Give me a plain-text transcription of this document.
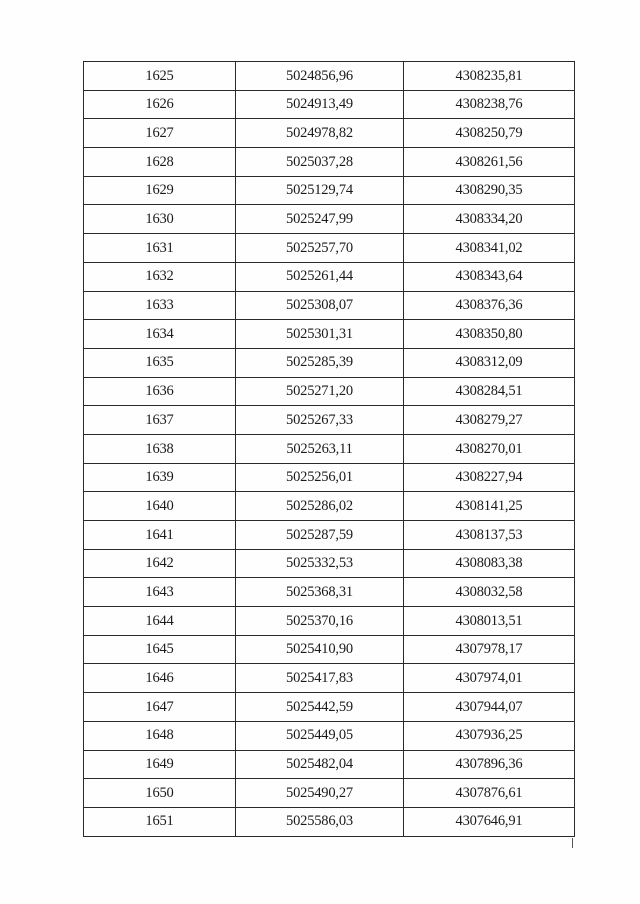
1625	5024856,96	4308235,81
1626	5024913,49	4308238,76
1627	5024978,82	4308250,79
1628	5025037,28	4308261,56
1629	5025129,74	4308290,35
1630	5025247,99	4308334,20
1631	5025257,70	4308341,02
1632	5025261,44	4308343,64
1633	5025308,07	4308376,36
1634	5025301,31	4308350,80
1635	5025285,39	4308312,09
1636	5025271,20	4308284,51
1637	5025267,33	4308279,27
1638	5025263,11	4308270,01
1639	5025256,01	4308227,94
1640	5025286,02	4308141,25
1641	5025287,59	4308137,53
1642	5025332,53	4308083,38
1643	5025368,31	4308032,58
1644	5025370,16	4308013,51
1645	5025410,90	4307978,17
1646	5025417,83	4307974,01
1647	5025442,59	4307944,07
1648	5025449,05	4307936,25
1649	5025482,04	4307896,36
1650	5025490,27	4307876,61
1651	5025586,03	4307646,91
